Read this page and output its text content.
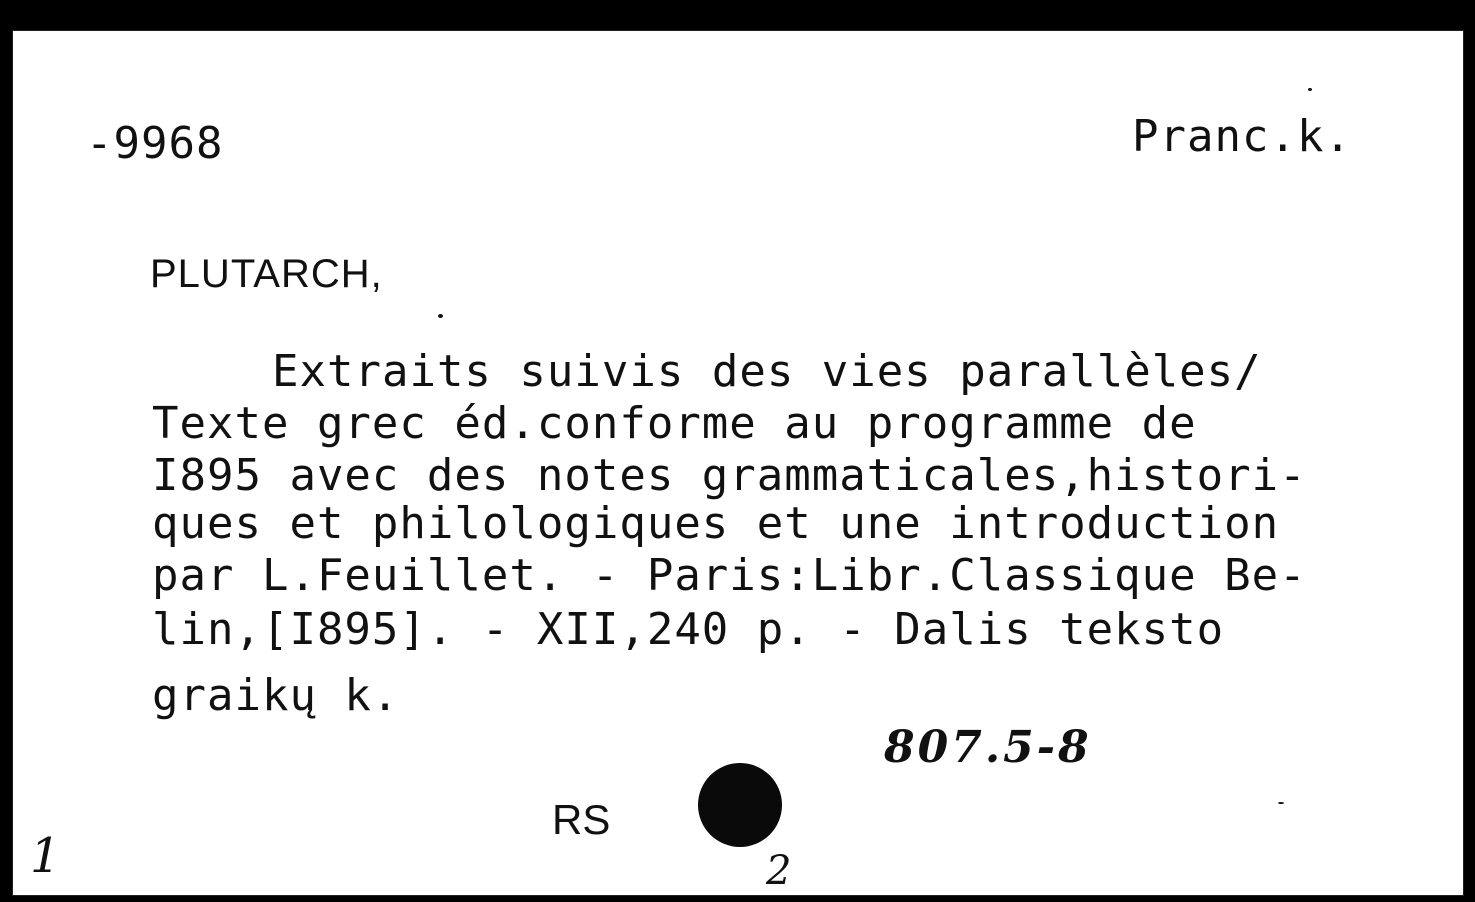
-9968	Pranc.k.
PLUTARCH,
Extraits suivis des vies parallèles/
Texte grec éd.conforme au programme de
I895 avec des notes grammaticales,histori-
ques et philologiques et une introduction
par L.Feuillet. - Paris:Libr.Classique Be-
lin,[I895]. - XII,240 p. - Dalis teksto
graikų k.
807.5-8
RS
1	2
